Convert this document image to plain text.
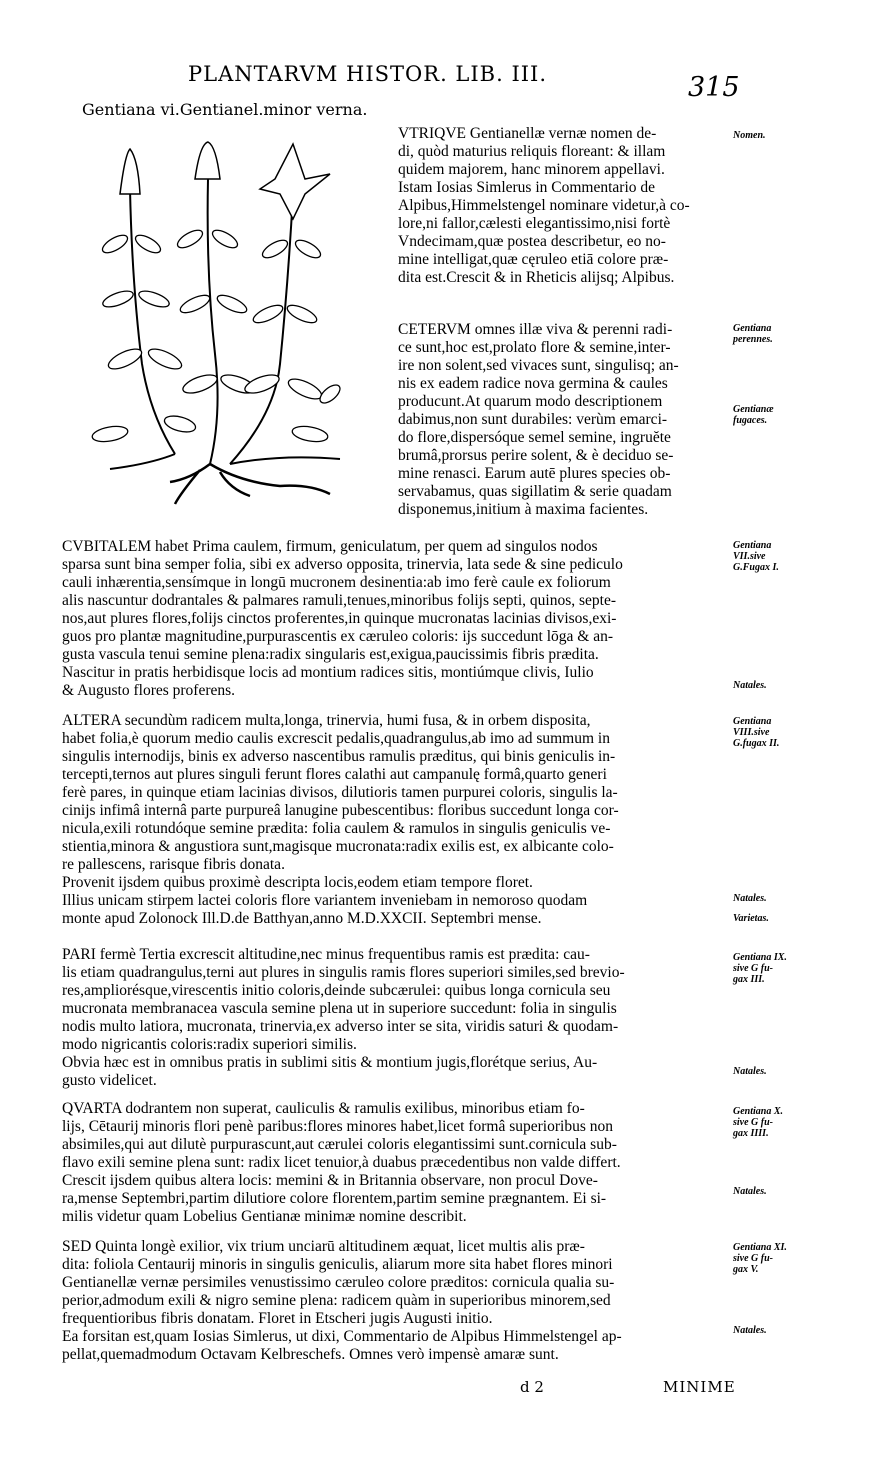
PLANTARVM HISTOR. LIB. III.	315
Gentiana vi.Gentianel.minor verna.

VTRIQVE Gentianellæ vernæ nomen de-

di, quòd maturius reliquis floreant: & illam

quidem majorem, hanc minorem appellavi.

Istam Iosias Simlerus in Commentario de

Alpibus,Himmelstengel nominare videtur,à co-

lore,ni fallor,cælesti elegantissimo,nisi fortè

Vndecimam,quæ postea describetur, eo no-

mine intelligat,quæ cęruleo etiā colore præ-

dita est.Crescit & in Rheticis alijsq; Alpibus.

CETERVM omnes illæ viva & perenni radi-

ce sunt,hoc est,prolato flore & semine,inter-

ire non solent,sed vivaces sunt, singulisq; an-

nis ex eadem radice nova germina & caules

producunt.At quarum modo descriptionem

dabimus,non sunt durabiles: verùm emarci-

do flore,dispersóque semel semine, ingruĕte

brumâ,prorsus perire solent, & è deciduo se-

mine renasci. Earum autē plures species ob-

servabamus, quas sigillatim & serie quadam

disponemus,initium à maxima facientes.

CVBITALEM habet Prima caulem, firmum, geniculatum, per quem ad singulos nodos

sparsa sunt bina semper folia, sibi ex adverso opposita, trinervia, lata sede & sine pediculo

cauli inhærentia,sensímque in longū mucronem desinentia:ab imo ferè caule ex foliorum

alis nascuntur dodrantales & palmares ramuli,tenues,minoribus folijs septi, quinos, septe-

nos,aut plures flores,folijs cinctos proferentes,in quinque mucronatas lacinias divisos,exi-

guos pro plantæ magnitudine,purpurascentis ex cæruleo coloris: ijs succedunt lōga & an-

gusta vascula tenui semine plena:radix singularis est,exigua,paucissimis fibris prædita.

Nascitur in pratis herbidisque locis ad montium radices sitis, montiúmque clivis, Iulio

& Augusto flores proferens.

ALTERA secundùm radicem multa,longa, trinervia, humi fusa, & in orbem disposita,

habet folia,è quorum medio caulis excrescit pedalis,quadrangulus,ab imo ad summum in

singulis internodijs, binis ex adverso nascentibus ramulis præditus, qui binis geniculis in-

tercepti,ternos aut plures singuli ferunt flores calathi aut campanulę formâ,quarto generi

ferè pares, in quinque etiam lacinias divisos, dilutioris tamen purpurei coloris, singulis la-

cinijs infimâ internâ parte purpureâ lanugine pubescentibus: floribus succedunt longa cor-

nicula,exili rotundóque semine prædita: folia caulem & ramulos in singulis geniculis ve-

stientia,minora & angustiora sunt,magisque mucronata:radix exilis est, ex albicante colo-

re pallescens, rarisque fibris donata.

Provenit ijsdem quibus proximè descripta locis,eodem etiam tempore floret.

Illius unicam stirpem lactei coloris flore variantem inveniebam in nemoroso quodam

monte apud Zolonock Ill.D.de Batthyan,anno M.D.XXCII. Septembri mense.

PARI fermè Tertia excrescit altitudine,nec minus frequentibus ramis est prædita: cau-

lis etiam quadrangulus,terni aut plures in singulis ramis flores superiori similes,sed brevio-

res,ampliorésque,virescentis initio coloris,deinde subcærulei: quibus longa cornicula seu

mucronata membranacea vascula semine plena ut in superiore succedunt: folia in singulis

nodis multo latiora, mucronata, trinervia,ex adverso inter se sita, viridis saturi & quodam-

modo nigricantis coloris:radix superiori similis.

Obvia hæc est in omnibus pratis in sublimi sitis & montium jugis,florétque serius, Au-

gusto videlicet.

QVARTA dodrantem non superat, cauliculis & ramulis exilibus, minoribus etiam fo-

lijs, Cētaurij minoris flori penè paribus:flores minores habet,licet formâ superioribus non

absimiles,qui aut dilutè purpurascunt,aut cærulei coloris elegantissimi sunt.cornicula sub-

flavo exili semine plena sunt: radix licet tenuior,à duabus præcedentibus non valde differt.

Crescit ijsdem quibus altera locis: memini & in Britannia observare, non procul Dove-

ra,mense Septembri,partim dilutiore colore florentem,partim semine prægnantem. Ei si-

milis videtur quam Lobelius Gentianæ minimæ nomine describit.

SED Quinta longè exilior, vix trium unciarū altitudinem æquat, licet multis alis præ-

dita: foliola Centaurij minoris in singulis geniculis, aliarum more sita habet flores minori

Gentianellæ vernæ persimiles venustissimo cæruleo colore præditos: cornicula qualia su-

perior,admodum exili & nigro semine plena: radicem quàm in superioribus minorem,sed

frequentioribus fibris donatam. Floret in Etscheri jugis Augusti initio.

Ea forsitan est,quam Iosias Simlerus, ut dixi, Commentario de Alpibus Himmelstengel ap-

pellat,quemadmodum Octavam Kelbreschefs. Omnes verò impensè amaræ sunt.

Nomen.
Gentiana
perennes.
Gentianæ
fugaces.
Gentiana
VII.sive
G.Fugax I.
Natales.
Gentiana
VIII.sive
G.fugax II.
Natales.
Varietas.
Gentiana IX.
sive G fu-
gax III.
Natales.
Gentiana X.
sive G fu-
gax IIII.
Natales.
Gentiana XI.
sive G fu-
gax V.
Natales.
d 2	MINIME
